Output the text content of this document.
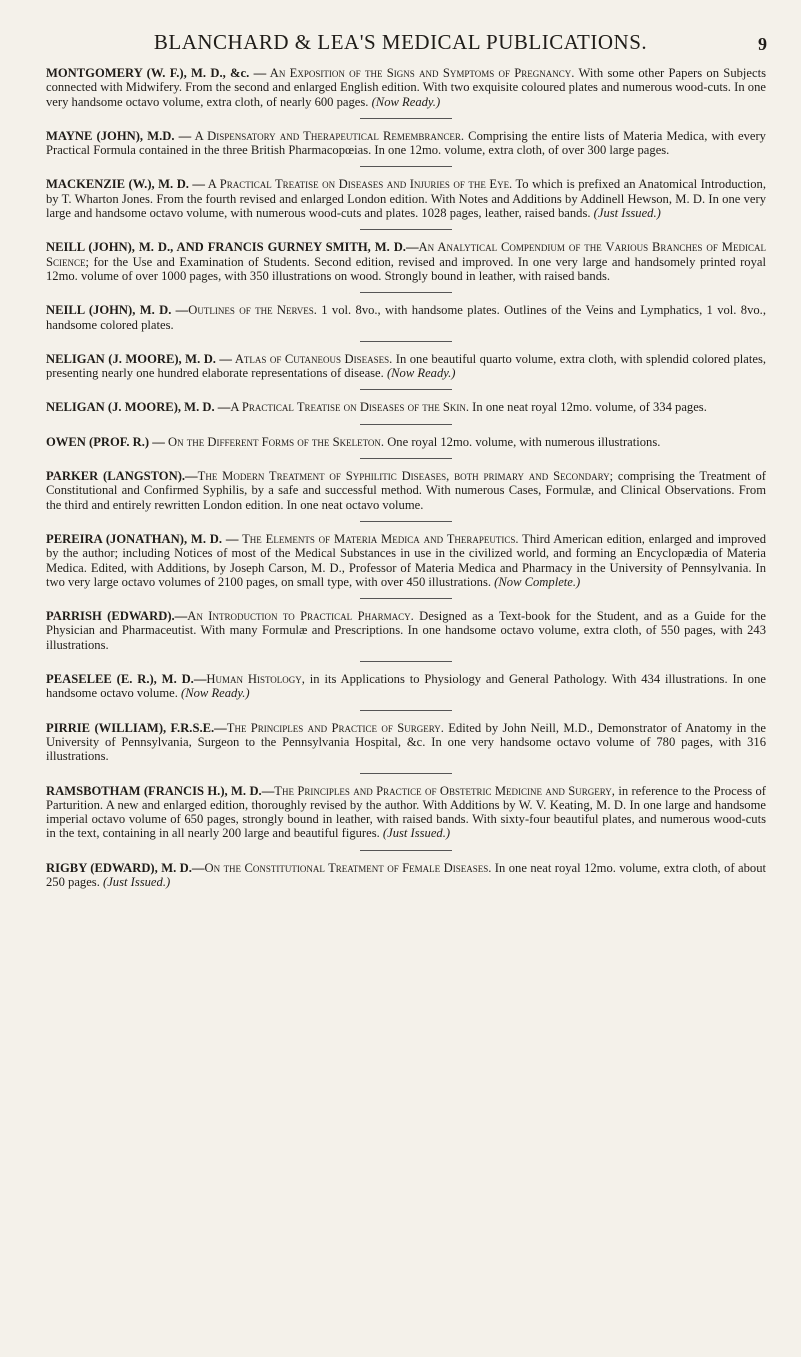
BLANCHARD & LEA'S MEDICAL PUBLICATIONS.	9

MONTGOMERY (W. F.), M. D., &c. — An Exposition of the Signs and Symptoms of Pregnancy. With some other Papers on Subjects connected with Midwifery. From the second and enlarged English edition. With two exquisite coloured plates and numerous wood-cuts. In one very handsome octavo volume, extra cloth, of nearly 600 pages. (Now Ready.)

MAYNE (JOHN), M.D. — A Dispensatory and Therapeutical Remembrancer. Comprising the entire lists of Materia Medica, with every Practical Formula contained in the three British Pharmacopœias. In one 12mo. volume, extra cloth, of over 300 large pages.

MACKENZIE (W.), M. D. — A Practical Treatise on Diseases and Injuries of the Eye. To which is prefixed an Anatomical Introduction, by T. Wharton Jones. From the fourth revised and enlarged London edition. With Notes and Additions by Addinell Hewson, M. D. In one very large and handsome octavo volume, with numerous wood-cuts and plates. 1028 pages, leather, raised bands. (Just Issued.)

NEILL (JOHN), M. D., AND FRANCIS GURNEY SMITH, M. D.—An Analytical Compendium of the Various Branches of Medical Science; for the Use and Examination of Students. Second edition, revised and improved. In one very large and handsomely printed royal 12mo. volume of over 1000 pages, with 350 illustrations on wood. Strongly bound in leather, with raised bands.

NEILL (JOHN), M. D. —Outlines of the Nerves. 1 vol. 8vo., with handsome plates. Outlines of the Veins and Lymphatics, 1 vol. 8vo., handsome colored plates.

NELIGAN (J. MOORE), M. D. — Atlas of Cutaneous Diseases. In one beautiful quarto volume, extra cloth, with splendid colored plates, presenting nearly one hundred elaborate representations of disease. (Now Ready.)

NELIGAN (J. MOORE), M. D. —A Practical Treatise on Diseases of the Skin. In one neat royal 12mo. volume, of 334 pages.

OWEN (PROF. R.) — On the Different Forms of the Skeleton. One royal 12mo. volume, with numerous illustrations.

PARKER (LANGSTON).—The Modern Treatment of Syphilitic Diseases, both primary and Secondary; comprising the Treatment of Constitutional and Confirmed Syphilis, by a safe and successful method. With numerous Cases, Formulæ, and Clinical Observations. From the third and entirely rewritten London edition. In one neat octavo volume.

PEREIRA (JONATHAN), M. D. — The Elements of Materia Medica and Therapeutics. Third American edition, enlarged and improved by the author; including Notices of most of the Medical Substances in use in the civilized world, and forming an Encyclopædia of Materia Medica. Edited, with Additions, by Joseph Carson, M. D., Professor of Materia Medica and Pharmacy in the University of Pennsylvania. In two very large octavo volumes of 2100 pages, on small type, with over 450 illustrations. (Now Complete.)

PARRISH (EDWARD).—An Introduction to Practical Pharmacy. Designed as a Text-book for the Student, and as a Guide for the Physician and Pharmaceutist. With many Formulæ and Prescriptions. In one handsome octavo volume, extra cloth, of 550 pages, with 243 illustrations.

PEASELEE (E. R.), M. D.—Human Histology, in its Applications to Physiology and General Pathology. With 434 illustrations. In one handsome octavo volume. (Now Ready.)

PIRRIE (WILLIAM), F.R.S.E.—The Principles and Practice of Surgery. Edited by John Neill, M.D., Demonstrator of Anatomy in the University of Pennsylvania, Surgeon to the Pennsylvania Hospital, &c. In one very handsome octavo volume of 780 pages, with 316 illustrations.

RAMSBOTHAM (FRANCIS H.), M. D.—The Principles and Practice of Obstetric Medicine and Surgery, in reference to the Process of Parturition. A new and enlarged edition, thoroughly revised by the author. With Additions by W. V. Keating, M. D. In one large and handsome imperial octavo volume of 650 pages, strongly bound in leather, with raised bands. With sixty-four beautiful plates, and numerous wood-cuts in the text, containing in all nearly 200 large and beautiful figures. (Just Issued.)

RIGBY (EDWARD), M. D.—On the Constitutional Treatment of Female Diseases. In one neat royal 12mo. volume, extra cloth, of about 250 pages. (Just Issued.)
